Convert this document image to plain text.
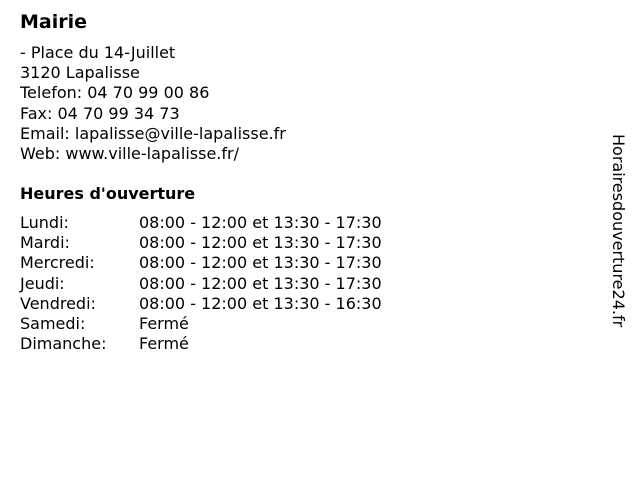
Mairie
- Place du 14-Juillet
3120 Lapalisse
Telefon: 04 70 99 00 86
Fax: 04 70 99 34 73
Email: lapalisse@ville-lapalisse.fr
Web: www.ville-lapalisse.fr/
Heures d'ouverture
Lundi:	08:00 - 12:00 et 13:30 - 17:30
Mardi:	08:00 - 12:00 et 13:30 - 17:30
Mercredi:	08:00 - 12:00 et 13:30 - 17:30
Jeudi:	08:00 - 12:00 et 13:30 - 17:30
Vendredi:	08:00 - 12:00 et 13:30 - 16:30
Samedi:	Fermé
Dimanche:	Fermé
Horairesdouverture24.fr
